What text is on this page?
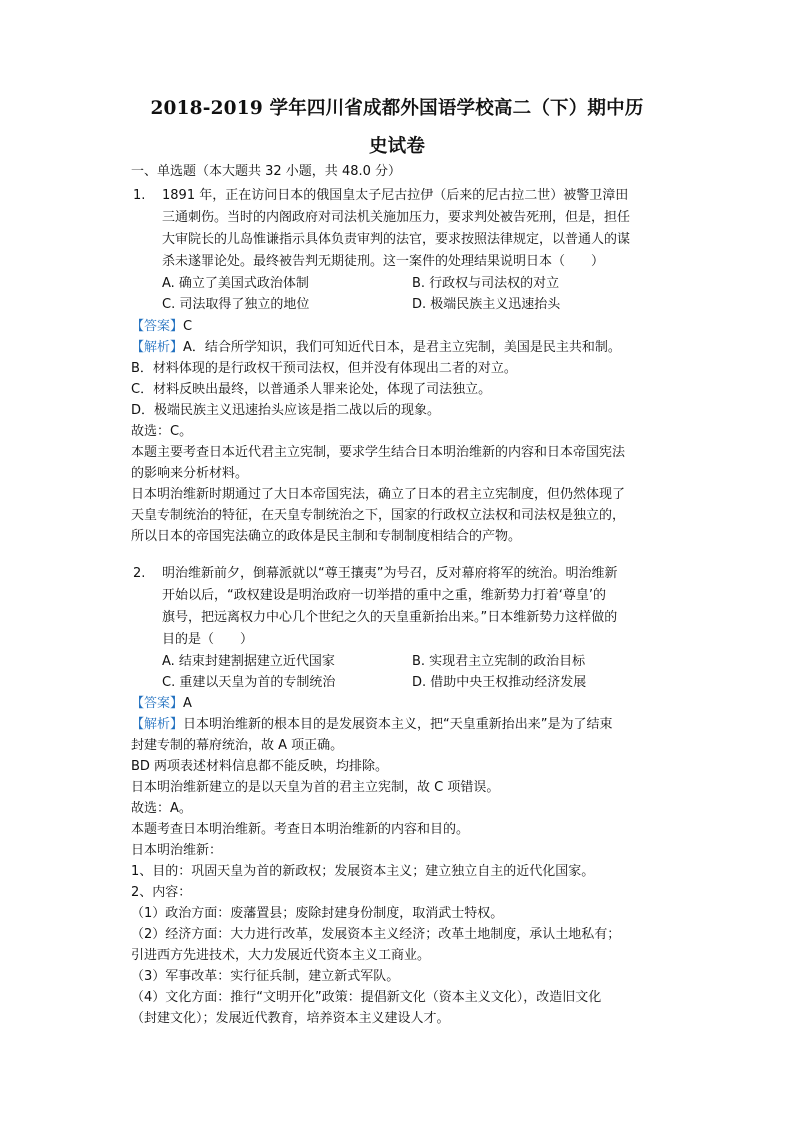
2018-2019 学年四川省成都外国语学校高二（下）期中历
史试卷
一、单选题（本大题共 32 小题，共 48.0 分）
1. 1891 年，正在访问日本的俄国皇太子尼古拉伊（后来的尼古拉二世）被警卫漳田
三通刺伤。当时的内阁政府对司法机关施加压力，要求判处被告死刑，但是，担任
大审院长的儿岛惟谦指示具体负责审判的法官，要求按照法律规定，以普通人的谋
杀未遂罪论处。最终被告判无期徒刑。这一案件的处理结果说明日本（　　）
A. 确立了美国式政治体制	B. 行政权与司法权的对立
C. 司法取得了独立的地位	D. 极端民族主义迅速抬头
【答案】C
【解析】A．结合所学知识，我们可知近代日本，是君主立宪制，美国是民主共和制。
B．材料体现的是行政权干预司法权，但并没有体现出二者的对立。
C．材料反映出最终，以普通杀人罪来论处，体现了司法独立。
D．极端民族主义迅速抬头应该是指二战以后的现象。
故选：C。
本题主要考查日本近代君主立宪制，要求学生结合日本明治维新的内容和日本帝国宪法
的影响来分析材料。
日本明治维新时期通过了大日本帝国宪法，确立了日本的君主立宪制度，但仍然体现了
天皇专制统治的特征，在天皇专制统治之下，国家的行政权立法权和司法权是独立的，
所以日本的帝国宪法确立的政体是民主制和专制制度相结合的产物。
2. 明治维新前夕，倒幕派就以“尊王攘夷”为号召，反对幕府将军的统治。明治维新
开始以后，“政权建设是明治政府一切举措的重中之重，维新势力打着‘尊皇’的
旗号，把远离权力中心几个世纪之久的天皇重新抬出来。”日本维新势力这样做的
目的是（　　）
A. 结束封建割据建立近代国家	B. 实现君主立宪制的政治目标
C. 重建以天皇为首的专制统治	D. 借助中央王权推动经济发展
【答案】A
【解析】日本明治维新的根本目的是发展资本主义，把“天皇重新抬出来”是为了结束
封建专制的幕府统治，故 A 项正确。
BD 两项表述材料信息都不能反映，均排除。
日本明治维新建立的是以天皇为首的君主立宪制，故 C 项错误。
故选：A。
本题考查日本明治维新。考查日本明治维新的内容和目的。
日本明治维新：
1、目的：巩固天皇为首的新政权；发展资本主义；建立独立自主的近代化国家。
2、内容：
（1）政治方面：废藩置县；废除封建身份制度，取消武士特权。
（2）经济方面：大力进行改革，发展资本主义经济；改革土地制度，承认土地私有；
引进西方先进技术，大力发展近代资本主义工商业。
（3）军事改革：实行征兵制，建立新式军队。
（4）文化方面：推行“文明开化”政策：提倡新文化（资本主义文化），改造旧文化
（封建文化）；发展近代教育，培养资本主义建设人才。
